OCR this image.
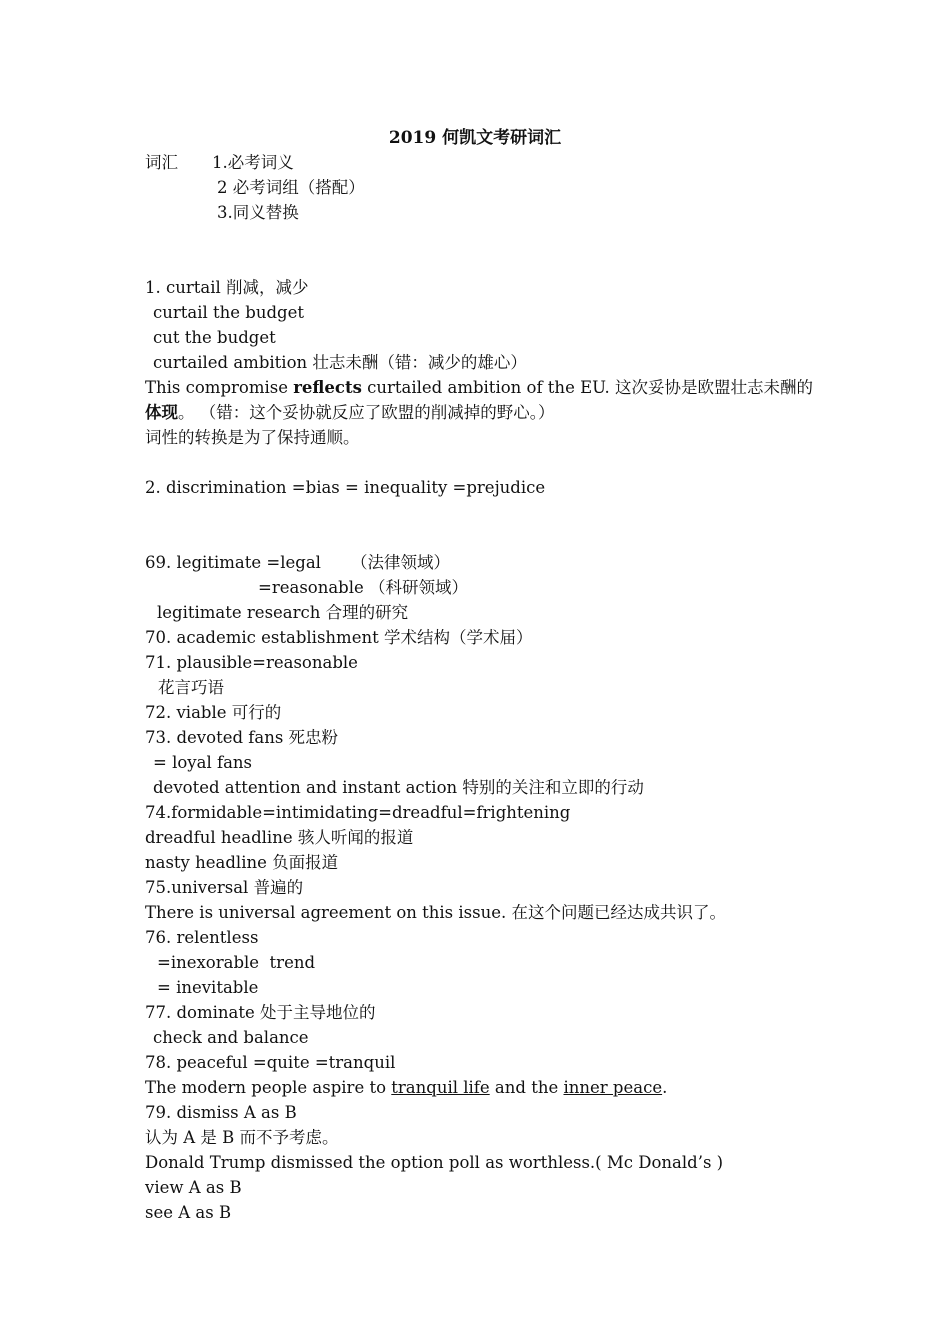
2019 何凯文考研词汇
词汇 1.必考词义
2 必考词组（搭配）
3.同义替换
1. curtail 削减，减少
curtail the budget
cut the budget
curtailed ambition 壮志未酬（错：减少的雄心）
This compromise reflects curtailed ambition of the EU. 这次妥协是欧盟壮志未酬的体现。 （错：这个妥协就反应了欧盟的削减掉的野心。）
词性的转换是为了保持通顺。
2. discrimination =bias = inequality =prejudice
69. legitimate =legal （法律领域）
=reasonable （科研领域）
legitimate research 合理的研究
70. academic establishment 学术结构（学术届）
71. plausible=reasonable
花言巧语
72. viable 可行的
73. devoted fans 死忠粉
= loyal fans
devoted attention and instant action 特别的关注和立即的行动
74.formidable=intimidating=dreadful=frightening
dreadful headline 骇人听闻的报道
nasty headline 负面报道
75.universal 普遍的
There is universal agreement on this issue. 在这个问题已经达成共识了。
76. relentless
=inexorable  trend
= inevitable
77. dominate 处于主导地位的
check and balance
78. peaceful =quite =tranquil
The modern people aspire to tranquil life and the inner peace.
79. dismiss A as B
认为 A 是 B 而不予考虑。
Donald Trump dismissed the option poll as worthless.( Mc Donald’s )
view A as B
see A as B
